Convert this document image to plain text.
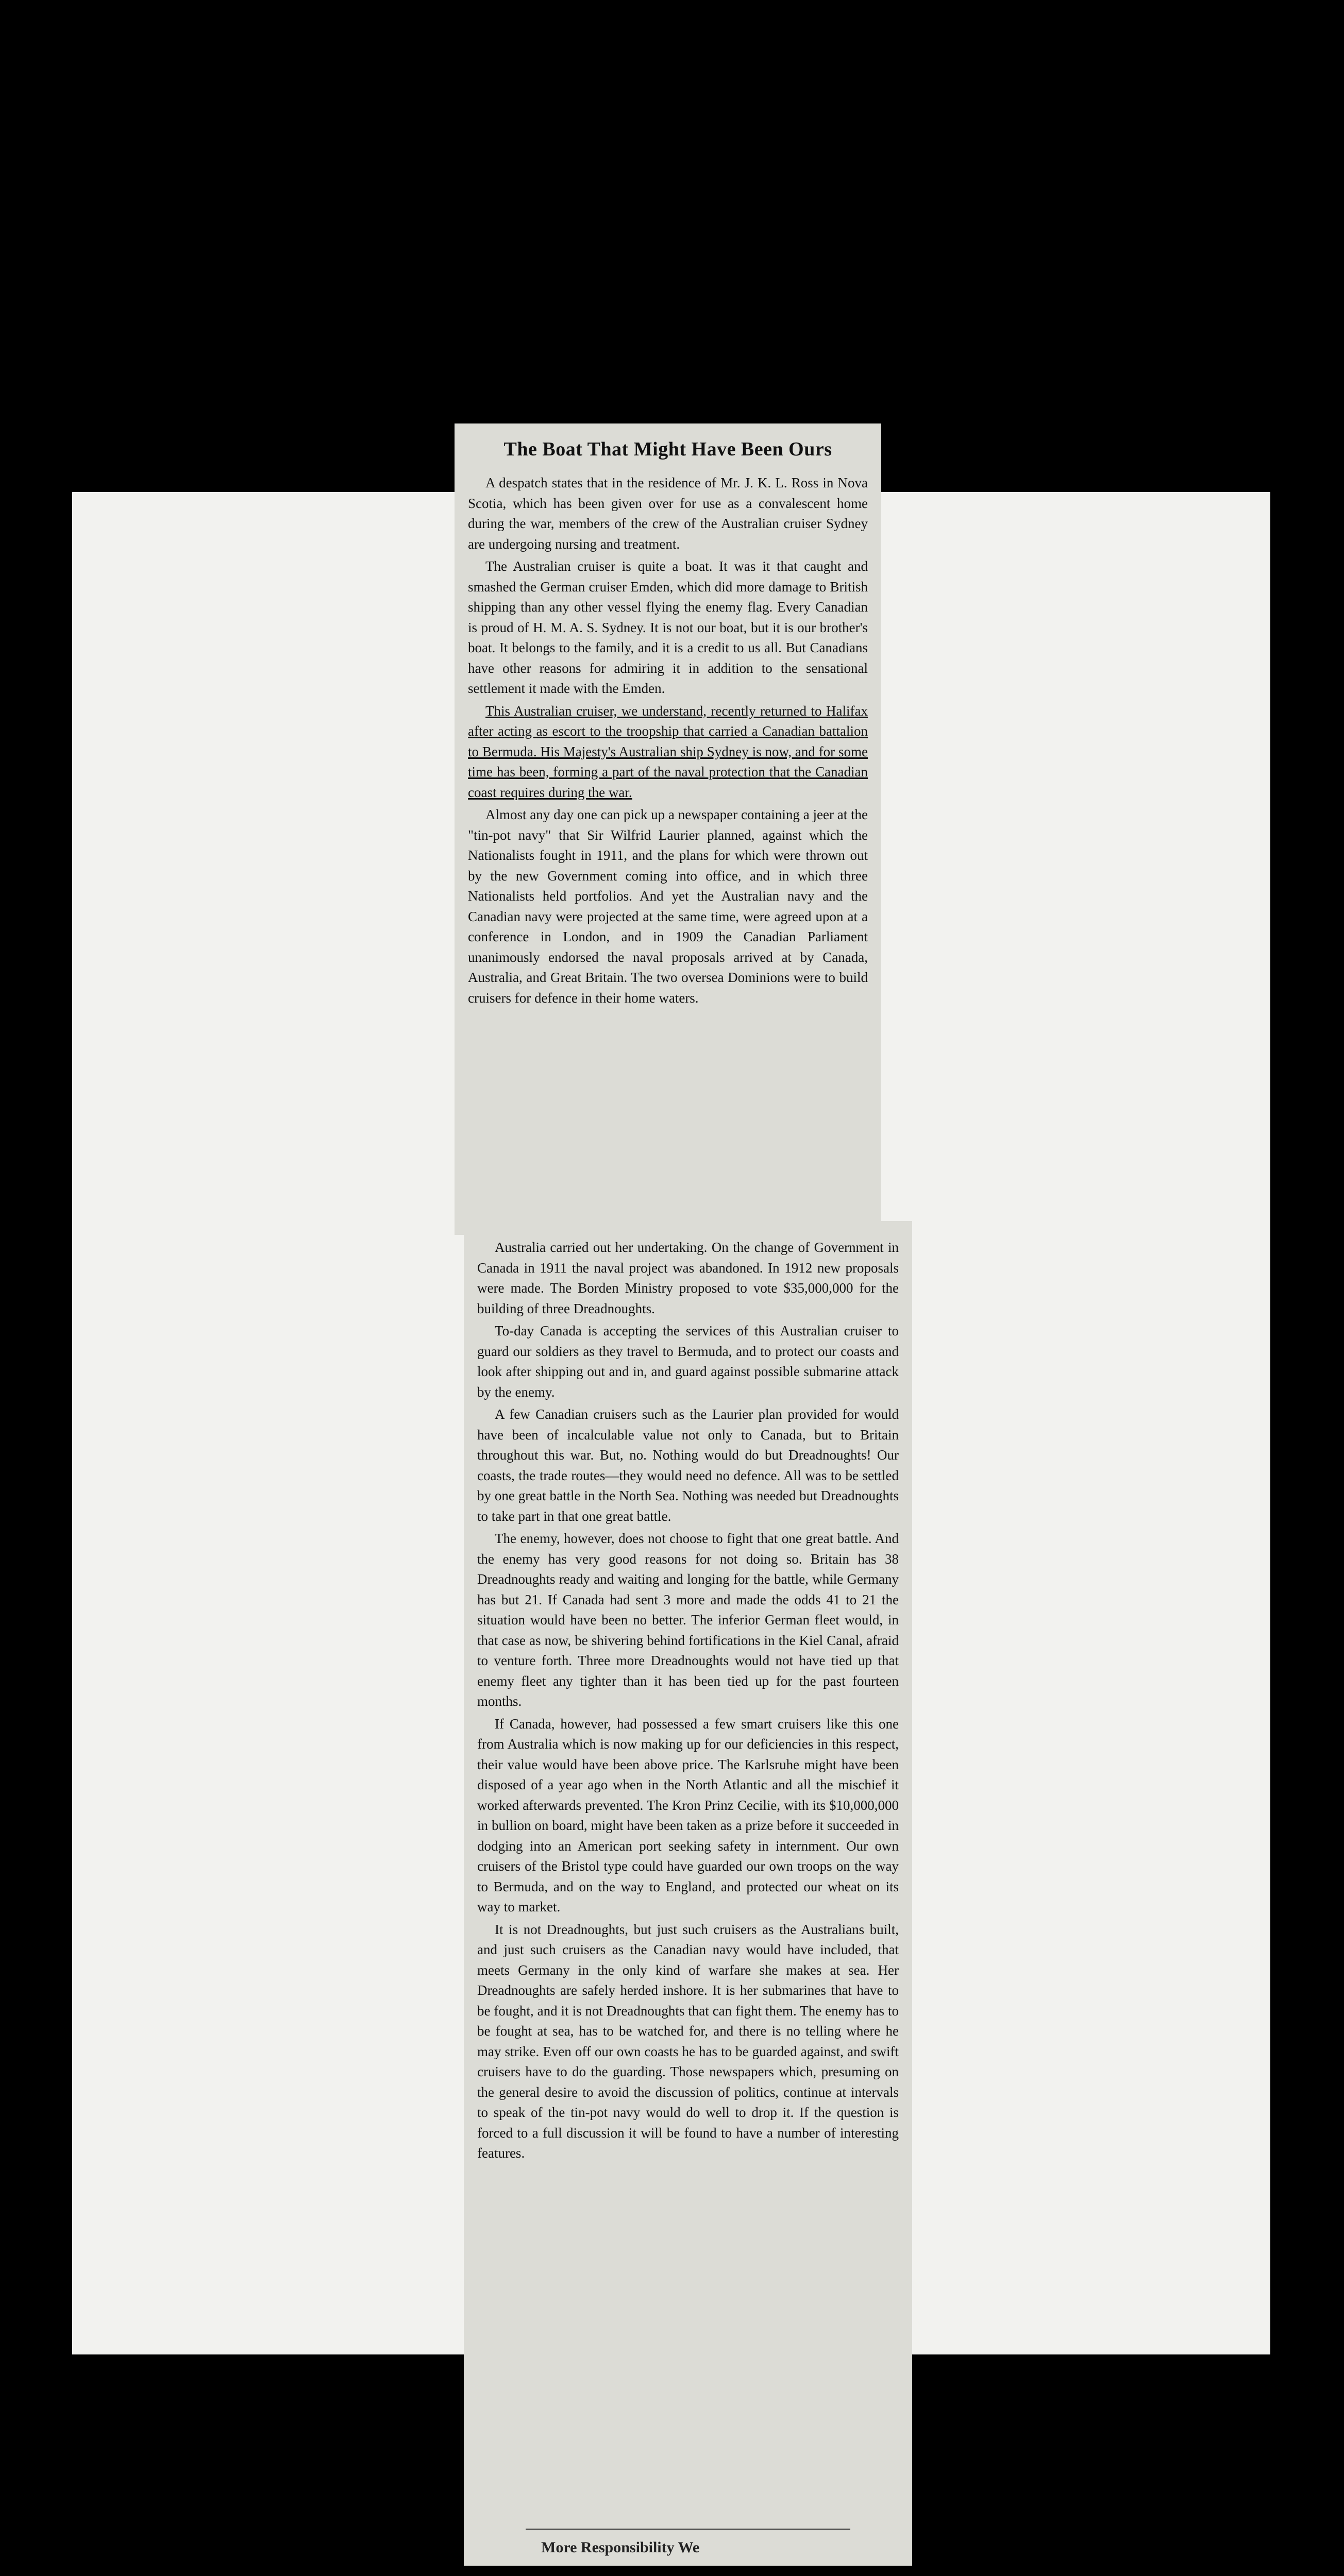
The Boat That Might Have Been Ours

A despatch states that in the residence of Mr. J. K. L. Ross in Nova Scotia, which has been given over for use as a convalescent home during the war, members of the crew of the Australian cruiser Sydney are undergoing nursing and treatment.

The Australian cruiser is quite a boat. It was it that caught and smashed the German cruiser Emden, which did more damage to British shipping than any other vessel flying the enemy flag. Every Canadian is proud of H. M. A. S. Sydney. It is not our boat, but it is our brother's boat. It belongs to the family, and it is a credit to us all. But Canadians have other reasons for admiring it in addition to the sensational settlement it made with the Emden.

This Australian cruiser, we understand, recently returned to Halifax after acting as escort to the troopship that carried a Canadian battalion to Bermuda. His Majesty's Australian ship Sydney is now, and for some time has been, forming a part of the naval protection that the Canadian coast requires during the war.

Almost any day one can pick up a newspaper containing a jeer at the "tin-pot navy" that Sir Wilfrid Laurier planned, against which the Nationalists fought in 1911, and the plans for which were thrown out by the new Government coming into office, and in which three Nationalists held portfolios. And yet the Australian navy and the Canadian navy were projected at the same time, were agreed upon at a conference in London, and in 1909 the Canadian Parliament unanimously endorsed the naval proposals arrived at by Canada, Australia, and Great Britain. The two oversea Dominions were to build cruisers for defence in their home waters.

Australia carried out her undertaking. On the change of Government in Canada in 1911 the naval project was abandoned. In 1912 new proposals were made. The Borden Ministry proposed to vote $35,000,000 for the building of three Dreadnoughts.

To-day Canada is accepting the services of this Australian cruiser to guard our soldiers as they travel to Bermuda, and to protect our coasts and look after shipping out and in, and guard against possible submarine attack by the enemy.

A few Canadian cruisers such as the Laurier plan provided for would have been of incalculable value not only to Canada, but to Britain throughout this war. But, no. Nothing would do but Dreadnoughts! Our coasts, the trade routes—they would need no defence. All was to be settled by one great battle in the North Sea. Nothing was needed but Dreadnoughts to take part in that one great battle.

The enemy, however, does not choose to fight that one great battle. And the enemy has very good reasons for not doing so. Britain has 38 Dreadnoughts ready and waiting and longing for the battle, while Germany has but 21. If Canada had sent 3 more and made the odds 41 to 21 the situation would have been no better. The inferior German fleet would, in that case as now, be shivering behind fortifications in the Kiel Canal, afraid to venture forth. Three more Dreadnoughts would not have tied up that enemy fleet any tighter than it has been tied up for the past fourteen months.

If Canada, however, had possessed a few smart cruisers like this one from Australia which is now making up for our deficiencies in this respect, their value would have been above price. The Karlsruhe might have been disposed of a year ago when in the North Atlantic and all the mischief it worked afterwards prevented. The Kron Prinz Cecilie, with its $10,000,000 in bullion on board, might have been taken as a prize before it succeeded in dodging into an American port seeking safety in internment. Our own cruisers of the Bristol type could have guarded our own troops on the way to Bermuda, and on the way to England, and protected our wheat on its way to market.

It is not Dreadnoughts, but just such cruisers as the Australians built, and just such cruisers as the Canadian navy would have included, that meets Germany in the only kind of warfare she makes at sea. Her Dreadnoughts are safely herded inshore. It is her submarines that have to be fought, and it is not Dreadnoughts that can fight them. The enemy has to be fought at sea, has to be watched for, and there is no telling where he may strike. Even off our own coasts he has to be guarded against, and swift cruisers have to do the guarding. Those newspapers which, presuming on the general desire to avoid the discussion of politics, continue at intervals to speak of the tin-pot navy would do well to drop it. If the question is forced to a full discussion it will be found to have a number of interesting features.

More Responsibility We
